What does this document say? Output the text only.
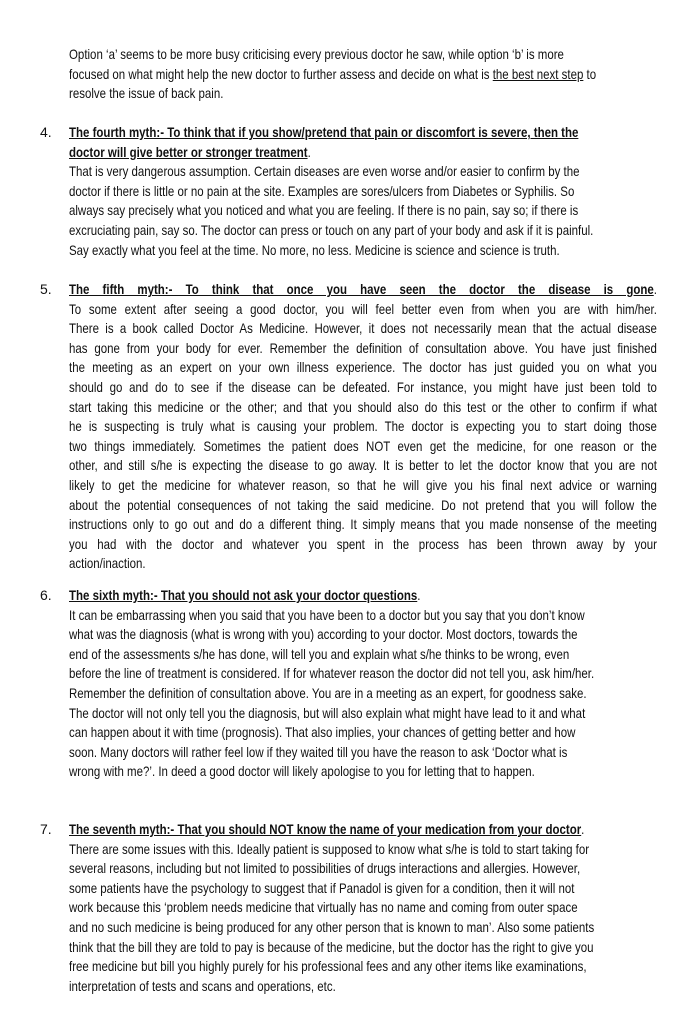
Option ‘a’ seems to be more busy criticising every previous doctor he saw, while option ‘b’ is more
focused on what might help the new doctor to further assess and decide on what is the best next step to
resolve the issue of back pain.
4. The fourth myth:- To think that if you show/pretend that pain or discomfort is severe, then the
doctor will give better or stronger treatment.
That is very dangerous assumption. Certain diseases are even worse and/or easier to confirm by the
doctor if there is little or no pain at the site. Examples are sores/ulcers from Diabetes or Syphilis. So
always say precisely what you noticed and what you are feeling. If there is no pain, say so; if there is
excruciating pain, say so. The doctor can press or touch on any part of your body and ask if it is painful.
Say exactly what you feel at the time. No more, no less. Medicine is science and science is truth.
5. The fifth myth:- To think that once you have seen the doctor the disease is gone.
To some extent after seeing a good doctor, you will feel better even from when you are with him/her.
There is a book called Doctor As Medicine. However, it does not necessarily mean that the actual disease
has gone from your body for ever. Remember the definition of consultation above. You have just finished
the meeting as an expert on your own illness experience. The doctor has just guided you on what you
should go and do to see if the disease can be defeated. For instance, you might have just been told to
start taking this medicine or the other; and that you should also do this test or the other to confirm if what
he is suspecting is truly what is causing your problem. The doctor is expecting you to start doing those
two things immediately. Sometimes the patient does NOT even get the medicine, for one reason or the
other, and still s/he is expecting the disease to go away. It is better to let the doctor know that you are not
likely to get the medicine for whatever reason, so that he will give you his final next advice or warning
about the potential consequences of not taking the said medicine. Do not pretend that you will follow the
instructions only to go out and do a different thing. It simply means that you made nonsense of the meeting
you had with the doctor and whatever you spent in the process has been thrown away by your
action/inaction.
6. The sixth myth:- That you should not ask your doctor questions.
It can be embarrassing when you said that you have been to a doctor but you say that you don’t know
what was the diagnosis (what is wrong with you) according to your doctor. Most doctors, towards the
end of the assessments s/he has done, will tell you and explain what s/he thinks to be wrong, even
before the line of treatment is considered. If for whatever reason the doctor did not tell you, ask him/her.
Remember the definition of consultation above. You are in a meeting as an expert, for goodness sake.
The doctor will not only tell you the diagnosis, but will also explain what might have lead to it and what
can happen about it with time (prognosis). That also implies, your chances of getting better and how
soon. Many doctors will rather feel low if they waited till you have the reason to ask ‘Doctor what is
wrong with me?’. In deed a good doctor will likely apologise to you for letting that to happen.
7. The seventh myth:- That you should NOT know the name of your medication from your doctor.
There are some issues with this. Ideally patient is supposed to know what s/he is told to start taking for
several reasons, including but not limited to possibilities of drugs interactions and allergies. However,
some patients have the psychology to suggest that if Panadol is given for a condition, then it will not
work because this ‘problem needs medicine that virtually has no name and coming from outer space
and no such medicine is being produced for any other person that is known to man’. Also some patients
think that the bill they are told to pay is because of the medicine, but the doctor has the right to give you
free medicine but bill you highly purely for his professional fees and any other items like examinations,
interpretation of tests and scans and operations, etc.
